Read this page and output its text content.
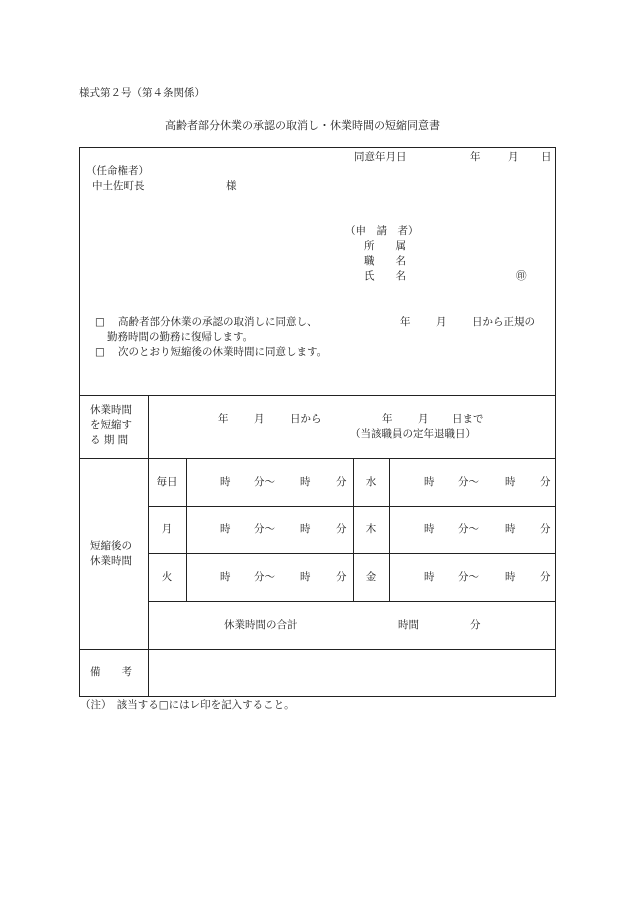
様式第２号（第４条関係）
高齢者部分休業の承認の取消し・休業時間の短縮同意書
同意年月日	年	月 日
（任命権者）
中土佐町長	様
（申　請　者）
所　　属
職　　名
氏　　名	㊞
□ 高齢者部分休業の承認の取消しに同意し、	年 月 日から正規の
勤務時間の勤務に復帰します。
□ 次のとおり短縮後の休業時間に同意します。
休業時間
を短縮す
る 期 間
年 月 日から	年 月 日まで
（当該職員の定年退職日）
短縮後の
休業時間
毎日	時 分～ 時 分	水	時 分～ 時 分
月	時 分～ 時 分	木	時 分～ 時 分
火	時 分～ 時 分	金	時 分～ 時 分
休業時間の合計	時間	分
備　　考
（注）　該当する□にはレ印を記入すること。
